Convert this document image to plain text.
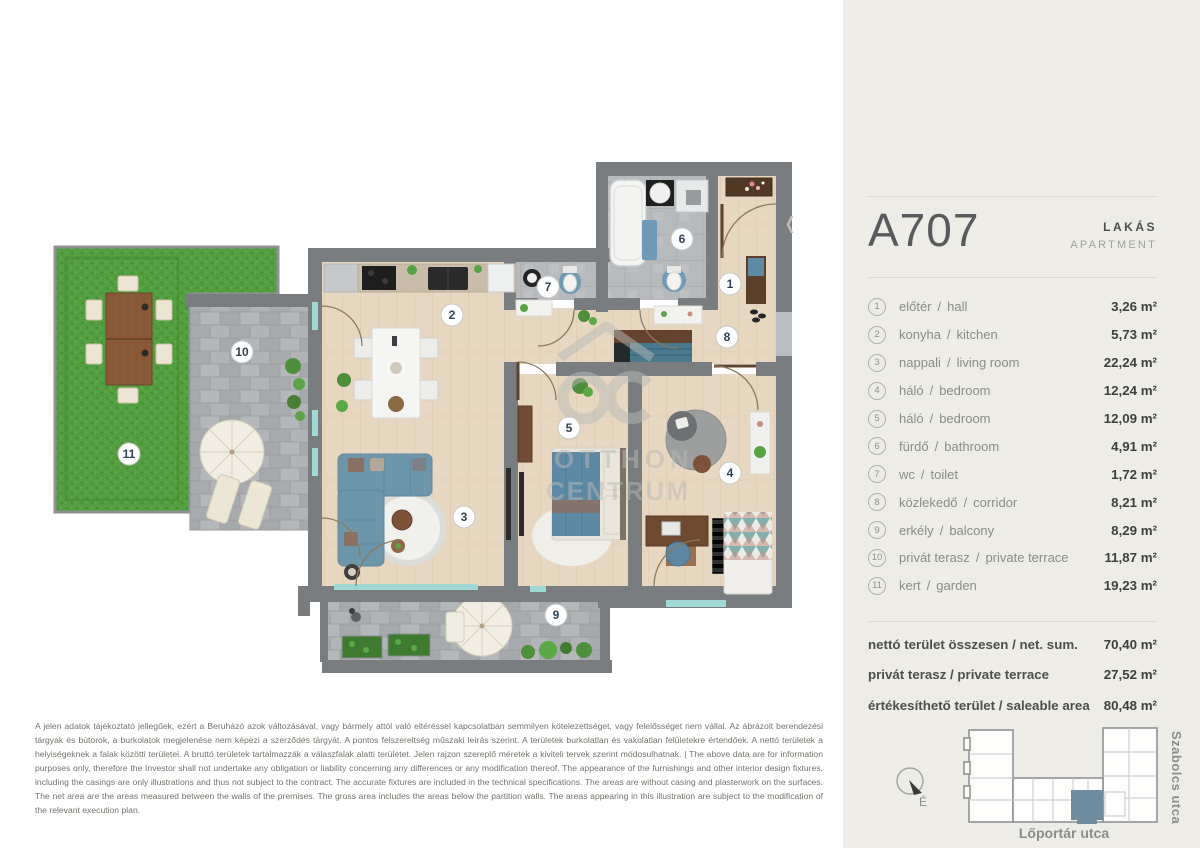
OTTHON
CENTRUM
1
2
3
4
5
6
7
8
9
10
11
❮

A jelen adatok tájékoztató jellegűek, ezért a Beruházó azok változásával, vagy bármely attól való eltéréssel kapcsolatban semmilyen kötelezettséget, vagy felelősséget nem vállal. Az ábrázolt berendezési tárgyak és bútorok, a burkolatok megjelenése nem képezi a szerződés tárgyát. A pontos felszereltség műszaki leírás szerint. A területek burkolatlan és vakolatlan felületekre értendőek. A nettó területek a helyiségeknek a falak közötti területei. A bruttó területek tartalmazzák a válaszfalak alatti területet. Jelen rajzon szereplő méretek a kiviteli tervek szerint módosulhatnak. | The above data are for information purposes only, therefore the Investor shall not undertake any obligation or liability concerning any differences or any modification thereof. The appearance of the furnishings and other interior design fixtures, including the casings are only illustrations and thus not subject to the contract. The accurate fixtures are included in the technical specifications. The areas are without casing and plasterwork on the surfaces. The net area are the areas measured between the walls of the premises. The gross area includes the areas below the partition walls. The areas appearing in this illustration are subject to the modification of the relevant execution plan.

A707	LAKÁS
APARTMENT
1	előtér / hall	3,26 m²
2	konyha / kitchen	5,73 m²
3	nappali / living room	22,24 m²
4	háló / bedroom	12,24 m²
5	háló / bedroom	12,09 m²
6	fürdő / bathroom	4,91 m²
7	wc / toilet	1,72 m²
8	közlekedő / corridor	8,21 m²
9	erkély / balcony	8,29 m²
10 privát terasz / private terrace	11,87 m²
11	kert / garden	19,23 m²
nettó terület összesen / net. sum. 70,40 m²
privát terasz / private terrace	27,52 m²
értékesíthető terület / saleable area 80,48 m²
É	Szabolcs utca
Lőportár utca
